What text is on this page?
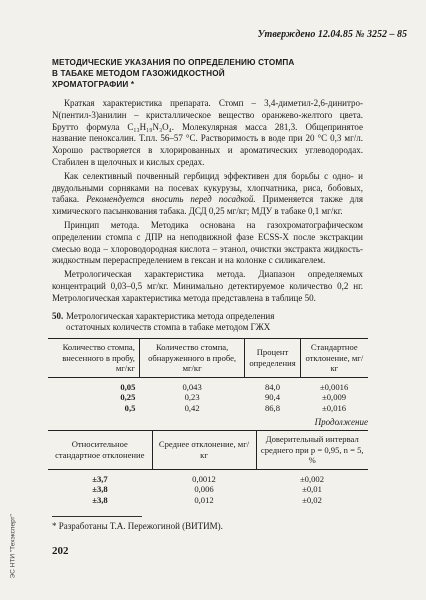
Утверждено 12.04.85 № 3252 – 85
МЕТОДИЧЕСКИЕ УКАЗАНИЯ ПО ОПРЕДЕЛЕНИЮ СТОМПА
В ТАБАКЕ МЕТОДОМ ГАЗОЖИДКОСТНОЙ
ХРОМАТОГРАФИИ *

Краткая характеристика препарата. Стомп – 3,4-диметил-2,6-динитро-N(пентил-3)анилин – кристаллическое вещество оранжево-желтого цвета. Брутто формула C₁₃H₁₉N₃O₄. Молекулярная масса 281,3. Общепринятое название пеноксалин. Т.пл. 56–57 °С. Растворимость в воде при 20 °С 0,3 мг/л. Хорошо растворяется в хлорированных и ароматических углеводородах. Стабилен в щелочных и кислых средах.

Как селективный почвенный гербицид эффективен для борьбы с одно- и двудольными сорняками на посевах кукурузы, хлопчатника, риса, бобовых, табака. Рекомендуется вносить перед посадкой. Применяется также для химического пасынкования табака. ДСД 0,25 мг/кг; МДУ в табаке 0,1 мг/кг.

Принцип метода. Методика основана на газохроматографическом определении стомпа с ДПР на неподвижной фазе ECSS-X после экстракции смесью вода – хлороводородная кислота – этанол, очистки экстракта жидкость-жидкостным перераспределением в гексан и на колонке с силикагелем.

Метрологическая характеристика метода. Диапазон определяемых концентраций 0,03–0,5 мг/кг. Минимально детектируемое количество 0,2 нг. Метрологическая характеристика метода представлена в таблице 50.

50. Метрологическая характеристика метода определения
остаточных количеств стомпа в табаке методом ГЖХ
Количество стомпа, внесенного в пробу, мг/кг	Количество стомпа, обнаруженного в пробе, мг/кг	Процент определения	Стандартное отклонение, мг/кг
0,05	0,043	84,0	±0,0016
0,25	0,23	90,4	±0,009
0,5	0,42	86,8	±0,016
Продолжение
Относительное стандартное отклонение	Среднее отклонение, мг/кг	Доверительный интервал среднего при p = 0,95, n = 5, %
±3,7	0,0012	±0,002
±3,8	0,006	±0,01
±3,8	0,012	±0,02
* Разработаны Т.А. Пережогиной (ВИТИМ).
202
ЭС НТИ "Техэксперт"
